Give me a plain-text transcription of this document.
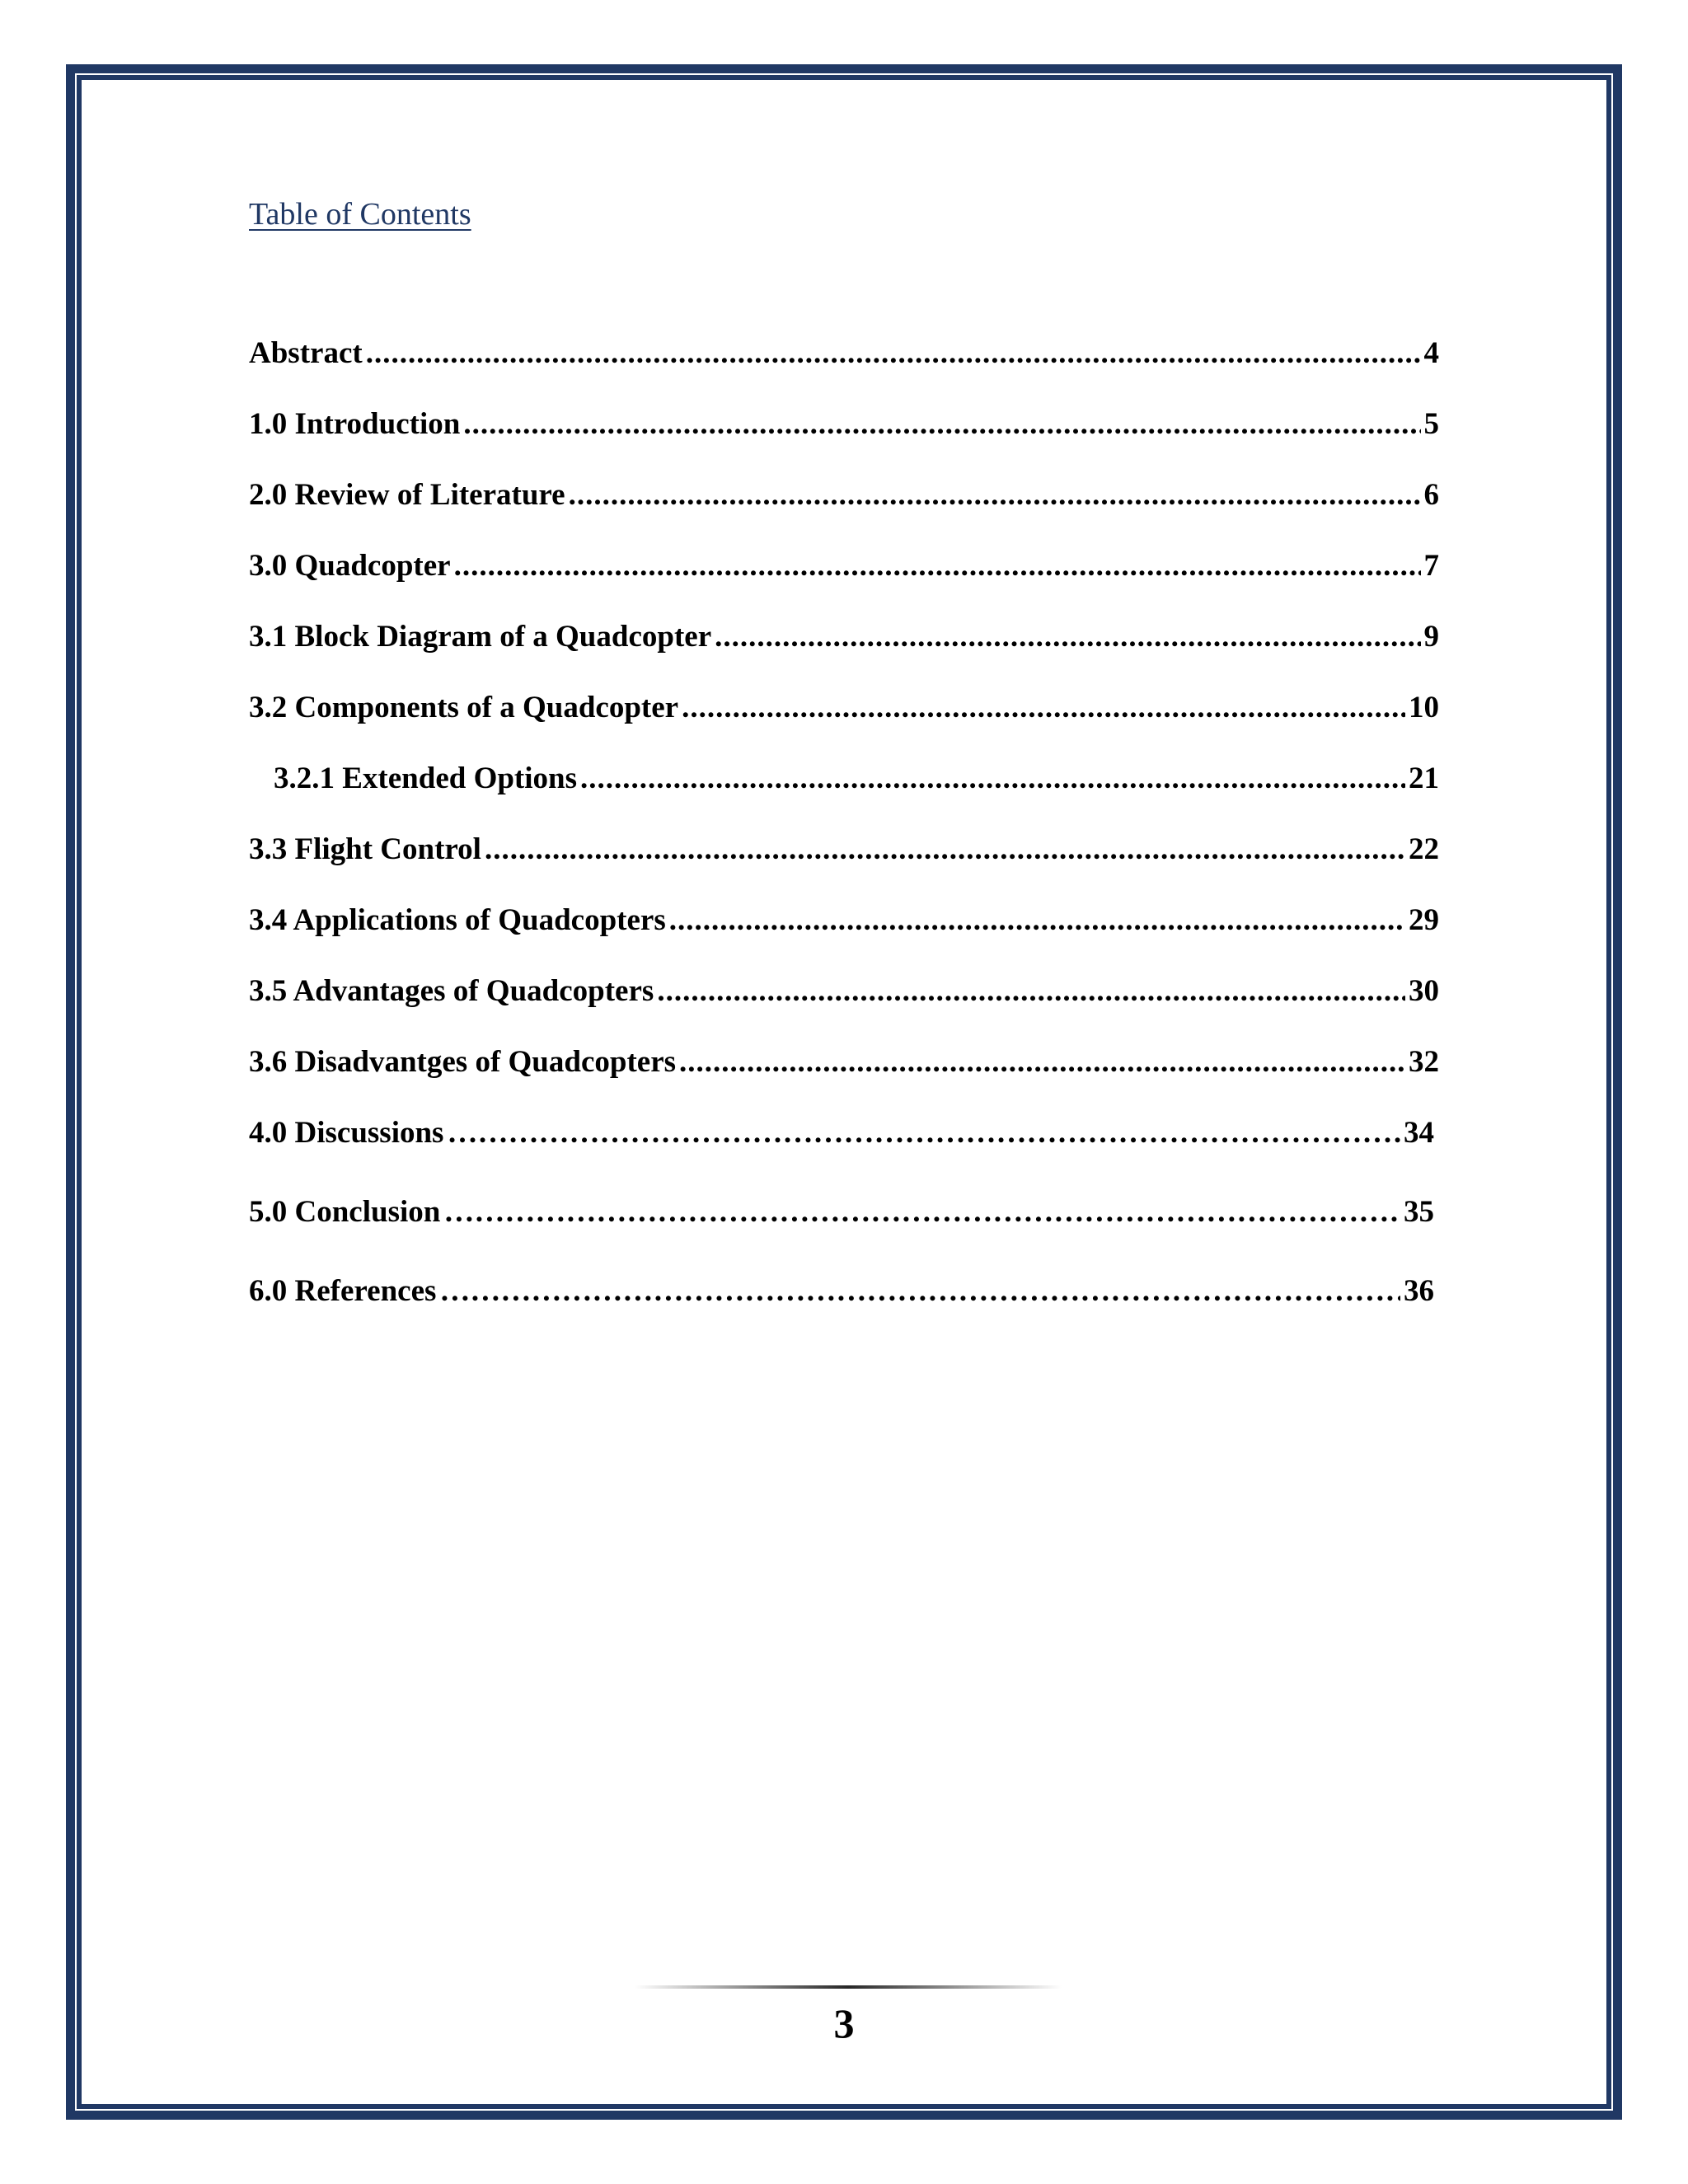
Table of Contents
Abstract .....	4
1.0 Introduction .....	5
2.0 Review of Literature .....	6
3.0 Quadcopter .....	7
3.1 Block Diagram of a Quadcopter .....	9
3.2 Components of a Quadcopter .....	10
3.2.1 Extended Options .....	21
3.3 Flight Control .....	22
3.4 Applications of Quadcopters .....	29
3.5 Advantages of Quadcopters .....	30
3.6 Disadvantges of Quadcopters .....	32
4.0 Discussions …………………………………………………………………………………………………………………………………………………………………………………………………………………………………………	34
5.0 Conclusion …………………………………………………………………………………………………………………………………………………………………………………………………………………………………………	35
6.0 References …………………………………………………………………………………………………………………………………………………………………………………………………………………………………………	36
3
